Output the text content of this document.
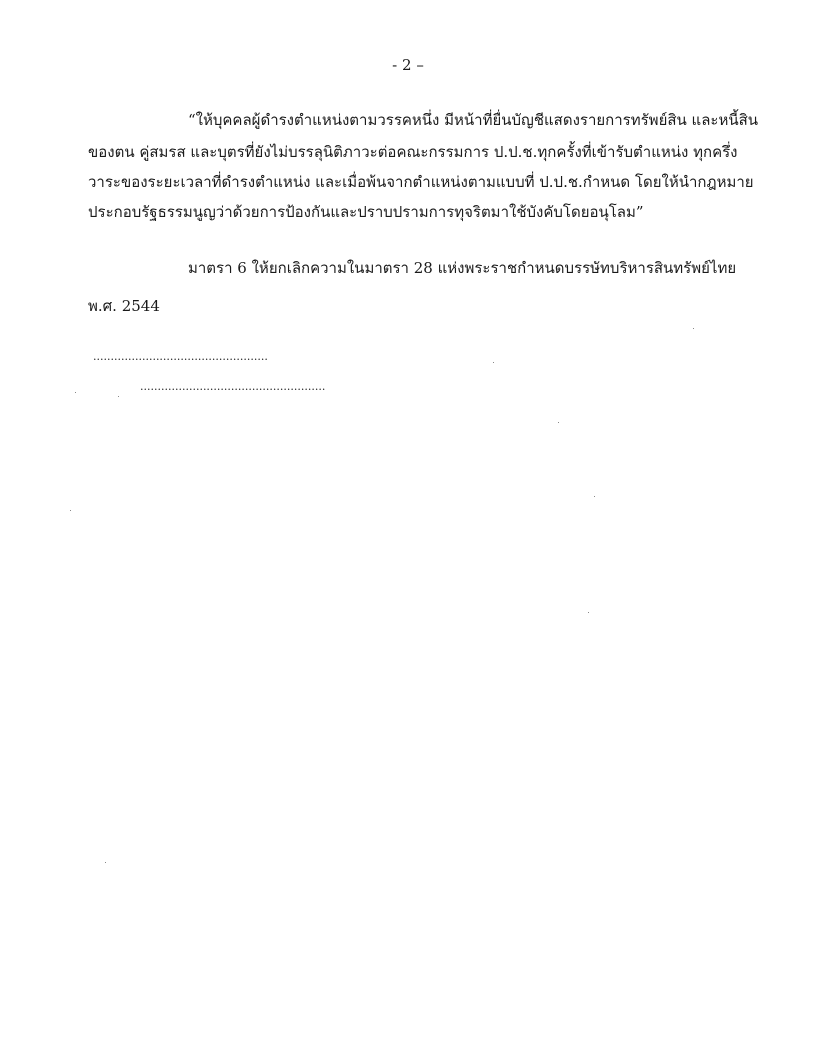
- 2 –
“ให้บุคคลผู้ดำรงตำแหน่งตามวรรคหนึ่ง มีหน้าที่ยื่นบัญชีแสดงรายการทรัพย์สิน และหนี้สิน
ของตน คู่สมรส และบุตรที่ยังไม่บรรลุนิติภาวะต่อคณะกรรมการ ป.ป.ช.ทุกครั้งที่เข้ารับตำแหน่ง ทุกครึ่ง
วาระของระยะเวลาที่ดำรงตำแหน่ง และเมื่อพ้นจากตำแหน่งตามแบบที่ ป.ป.ช.กำหนด โดยให้นำกฎหมาย
ประกอบรัฐธรรมนูญว่าด้วยการป้องกันและปราบปรามการทุจริตมาใช้บังคับโดยอนุโลม”
มาตรา 6 ให้ยกเลิกความในมาตรา 28 แห่งพระราชกำหนดบรรษัทบริหารสินทรัพย์ไทย
พ.ศ. 2544
..................................................
.....................................................
